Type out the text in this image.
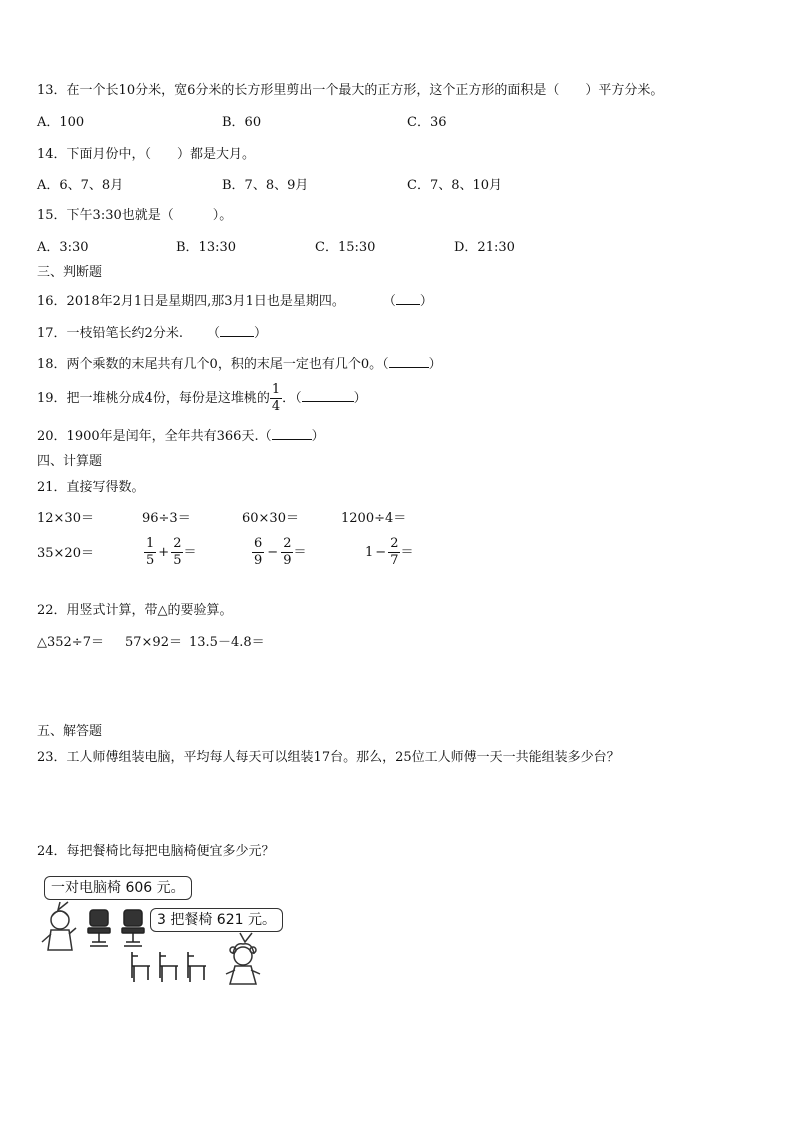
13．在一个长10分米，宽6分米的长方形里剪出一个最大的正方形，这个正方形的面积是（　　）平方分米。
A．100	B．60	C．36
14．下面月份中，（　　）都是大月。
A．6、7、8月	B．7、8、9月	C．7、8、10月
15．下午3:30也就是（　　　）。
A．3:30	B．13:30	C．15:30	D．21:30
三、判断题
16．2018年2月1日是星期四,那3月1日也是星期四。	（ ）
17．一枝铅笔长约2分米. （	）
18．两个乘数的末尾共有几个0，积的末尾一定也有几个0。（	）
19．把一堆桃分成4份，每份是这堆桃的 $\frac{1}{4}$ ．（	）
20．1900年是闰年，全年共有366天.（	）
四、计算题
21．直接写得数。
12×30＝	96÷3＝	60×30＝	1200÷4＝
35×20＝	$\frac{1}{5} + \frac{2}{5}$ ＝	$\frac{6}{9} - \frac{2}{9}$ ＝	$1 - \frac{2}{7}$ ＝
22．用竖式计算，带△的要验算。
△352÷7＝ 57×92＝ 13.5－4.8＝
五、解答题
23．工人师傅组装电脑，平均每人每天可以组装17台。那么，25位工人师傅一天一共能组装多少台？
24．每把餐椅比每把电脑椅便宜多少元？
一对电脑椅 606 元。
3 把餐椅 621 元。
